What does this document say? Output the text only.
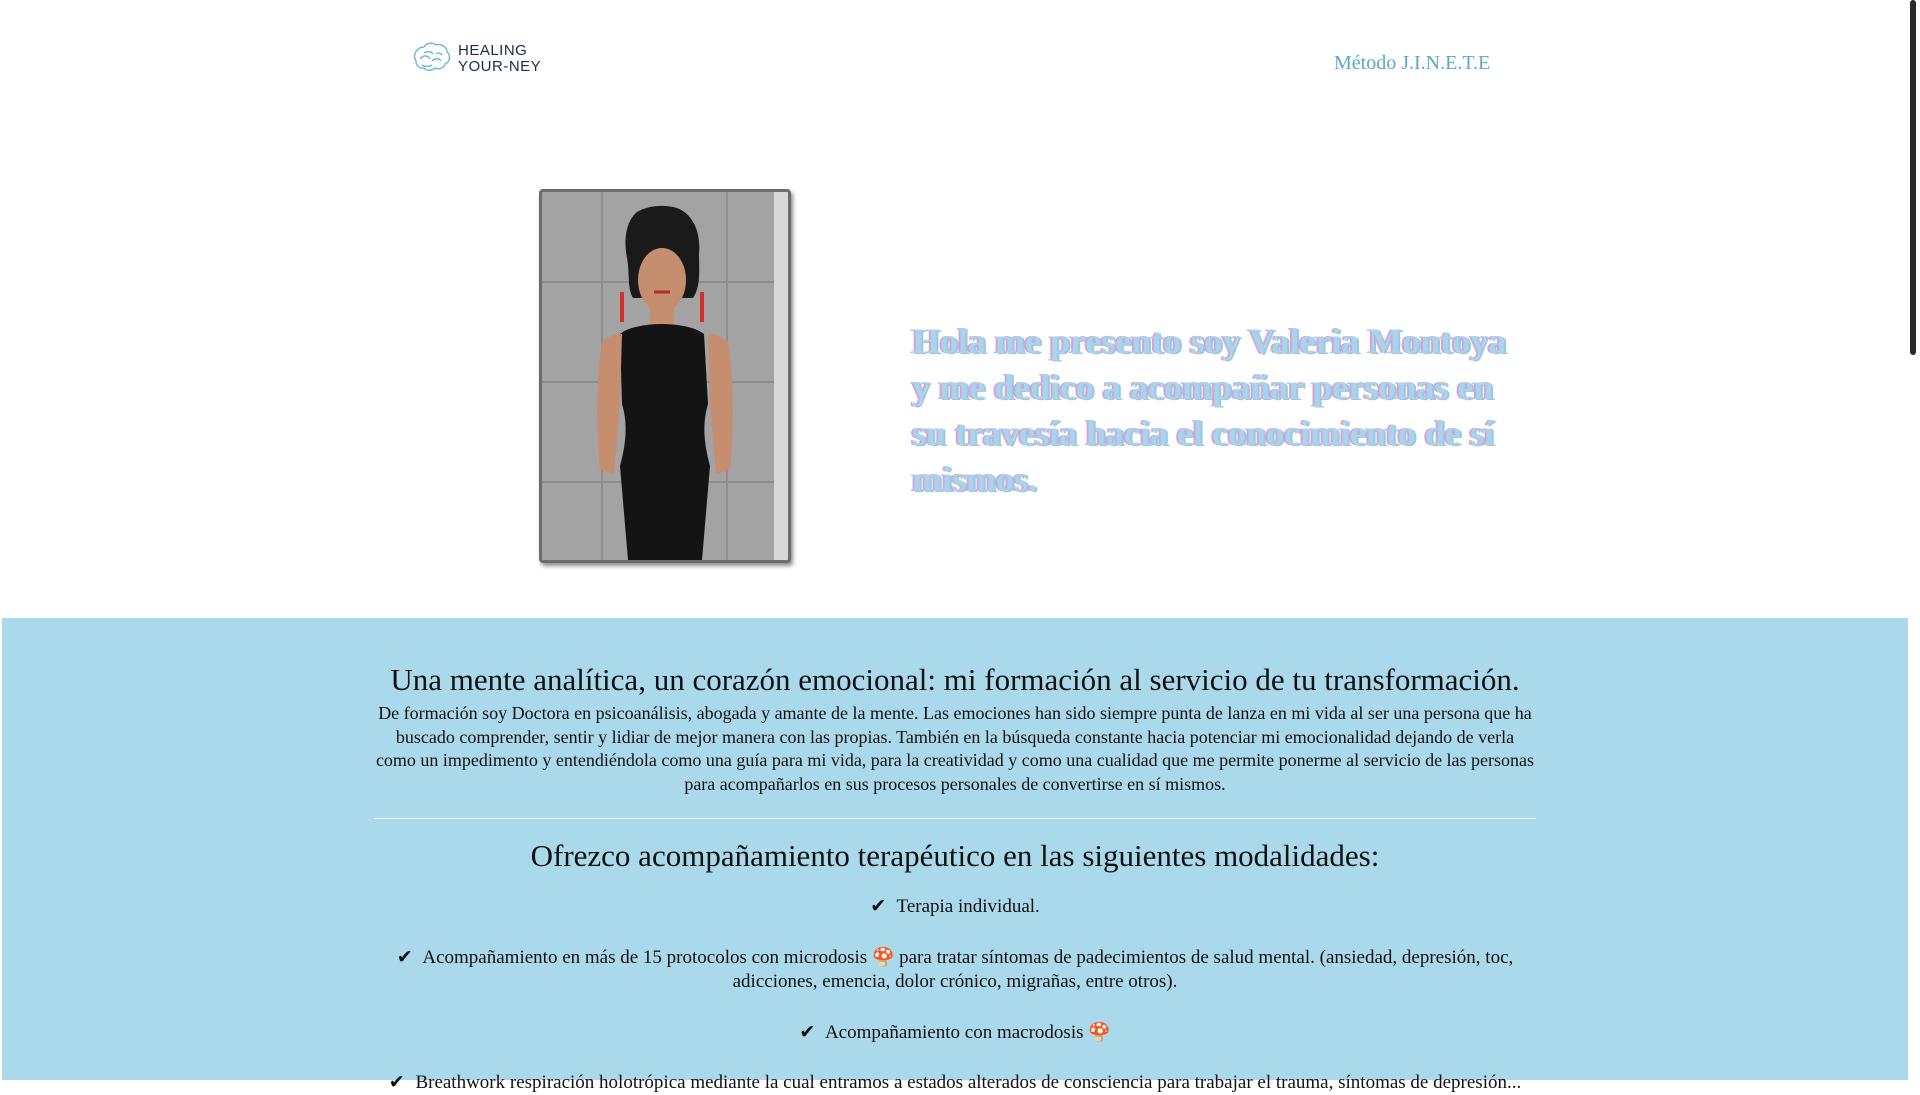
HEALING
YOUR-NEY	Método J.I.N.E.T.E
Hola me presento soy Valeria Montoya y me dedico a acompañar personas en su travesía hacia el conocimiento de sí mismos.
Una mente analítica, un corazón emocional: mi formación al servicio de tu transformación.
De formación soy Doctora en psicoanálisis, abogada y amante de la mente. Las emociones han sido siempre punta de lanza en mi vida al ser una persona que ha buscado comprender, sentir y lidiar de mejor manera con las propias. También en la búsqueda constante hacia potenciar mi emocionalidad dejando de verla como un impedimento y entendiéndola como una guía para mi vida, para la creatividad y como una cualidad que me permite ponerme al servicio de las personas para acompañarlos en sus procesos personales de convertirse en sí mismos.
Ofrezco acompañamiento terapéutico en las siguientes modalidades:
✔ Terapia individual.
✔ Acompañamiento en más de 15 protocolos con microdosis 🍄 para tratar síntomas de padecimientos de salud mental. (ansiedad, depresión, toc, adicciones, emencia, dolor crónico, migrañas, entre otros).
✔ Acompañamiento con macrodosis 🍄
✔ Breathwork respiración holotrópica mediante la cual entramos a estados alterados de consciencia para trabajar el trauma, síntomas de depresión...
